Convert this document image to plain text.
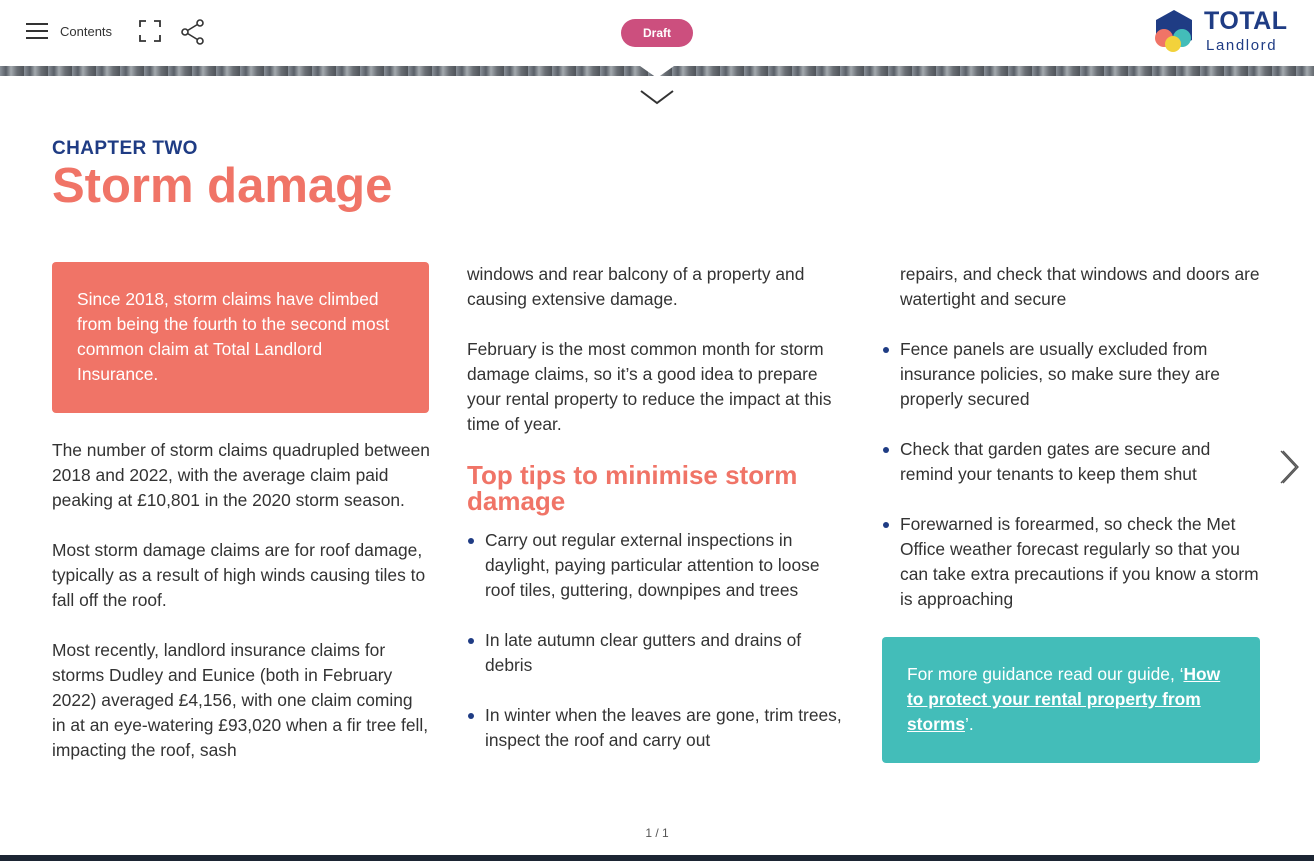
Contents	Draft	TOTAL
Landlord
CHAPTER TWO
Storm damage
Since 2018, storm claims have climbed from being the fourth to the second most common claim at Total Landlord Insurance.

The number of storm claims quadrupled between 2018 and 2022, with the average claim paid peaking at £10,801 in the 2020 storm season.

Most storm damage claims are for roof damage, typically as a result of high winds causing tiles to fall off the roof.

Most recently, landlord insurance claims for storms Dudley and Eunice (both in February 2022) averaged £4,156, with one claim coming in at an eye-watering £93,020 when a fir tree fell, impacting the roof, sash

windows and rear balcony of a property and causing extensive damage.

February is the most common month for storm damage claims, so it’s a good idea to prepare your rental property to reduce the impact at this time of year.

Top tips to minimise storm damage
Carry out regular external inspections in daylight, paying particular attention to loose roof tiles, guttering, downpipes and trees
In late autumn clear gutters and drains of debris
In winter when the leaves are gone, trim trees, inspect the roof and carry out

repairs, and check that windows and doors are watertight and secure

Fence panels are usually excluded from insurance policies, so make sure they are properly secured
Check that garden gates are secure and remind your tenants to keep them shut
Forewarned is forearmed, so check the Met Office weather forecast regularly so that you can take extra precautions if you know a storm is approaching
For more guidance read our guide, ‘How to protect your rental property from storms’.
1 / 1
